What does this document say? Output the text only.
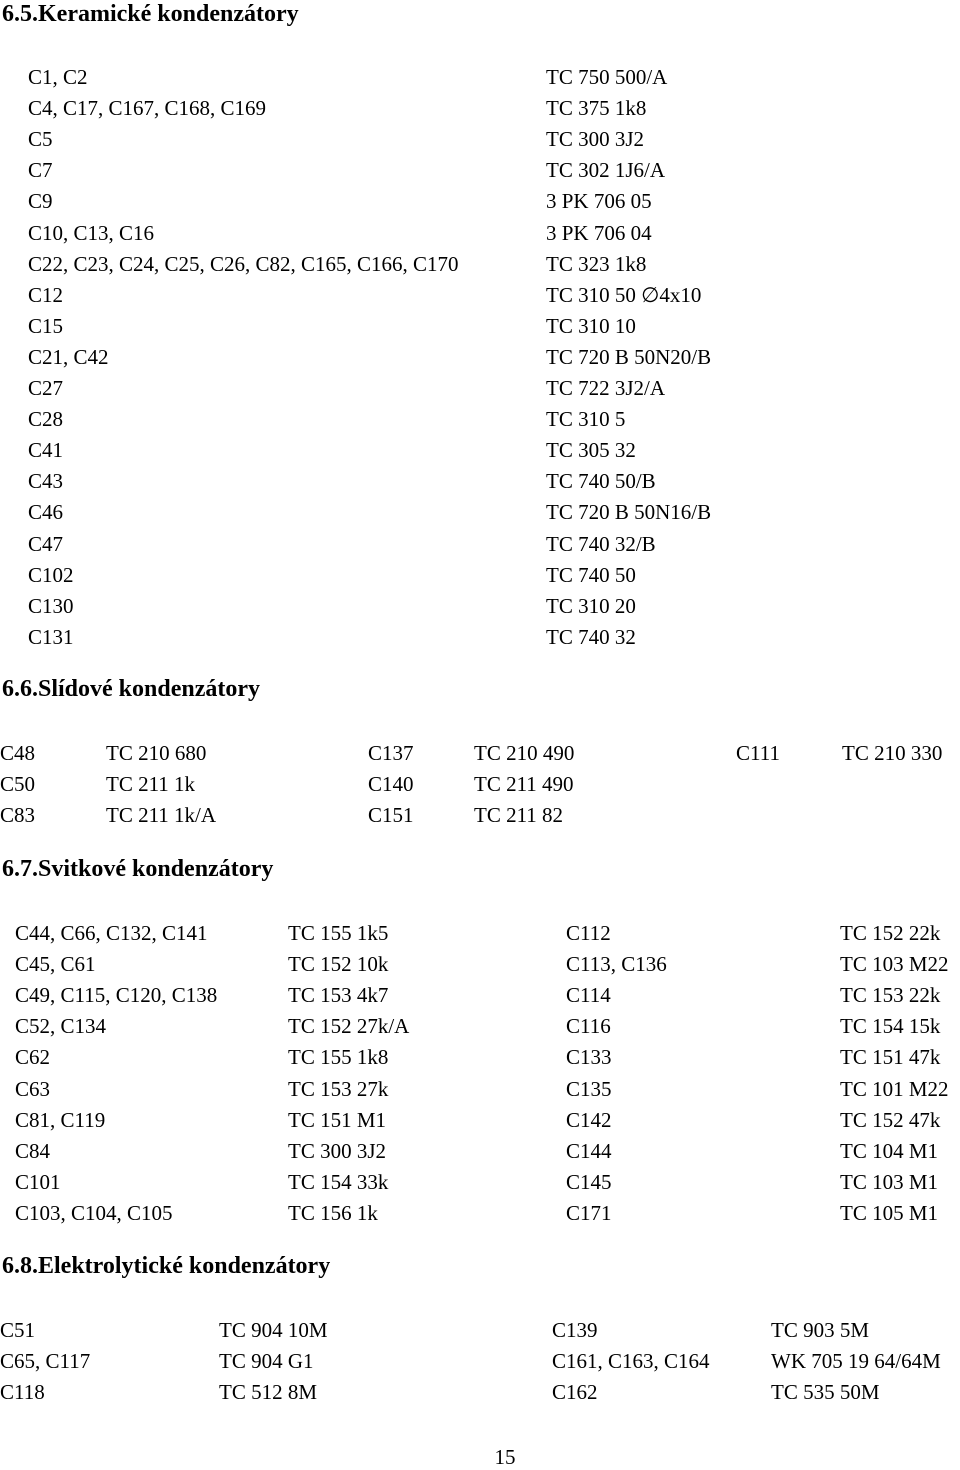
6.5.Keramické kondenzátory
C1, C2	TC 750 500/A
C4, C17, C167, C168, C169	TC 375 1k8
C5	TC 300 3J2
C7	TC 302 1J6/A
C9	3 PK 706 05
C10, C13, C16	3 PK 706 04
C22, C23, C24, C25, C26, C82, C165, C166, C170	TC 323 1k8
C12	TC 310 50 ∅4x10
C15	TC 310 10
C21, C42	TC 720 B 50N20/B
C27	TC 722 3J2/A
C28	TC 310 5
C41	TC 305 32
C43	TC 740 50/B
C46	TC 720 B 50N16/B
C47	TC 740 32/B
C102	TC 740 50
C130	TC 310 20
C131	TC 740 32
6.6.Slídové kondenzátory
C48	TC 210 680	C137	TC 210 490	C111	TC 210 330
C50	TC 211 1k	C140	TC 211 490
C83	TC 211 1k/A	C151	TC 211 82
6.7.Svitkové kondenzátory
C44, C66, C132, C141	TC 155 1k5	C112	TC 152 22k
C45, C61	TC 152 10k	C113, C136	TC 103 M22
C49, C115, C120, C138	TC 153 4k7	C114	TC 153 22k
C52, C134	TC 152 27k/A	C116	TC 154 15k
C62	TC 155 1k8	C133	TC 151 47k
C63	TC 153 27k	C135	TC 101 M22
C81, C119	TC 151 M1	C142	TC 152 47k
C84	TC 300 3J2	C144	TC 104 M1
C101	TC 154 33k	C145	TC 103 M1
C103, C104, C105	TC 156 1k	C171	TC 105 M1
6.8.Elektrolytické kondenzátory
C51	TC 904 10M	C139	TC 903 5M
C65, C117	TC 904 G1	C161, C163, C164	WK 705 19 64/64M
C118	TC 512 8M	C162	TC 535 50M
15
